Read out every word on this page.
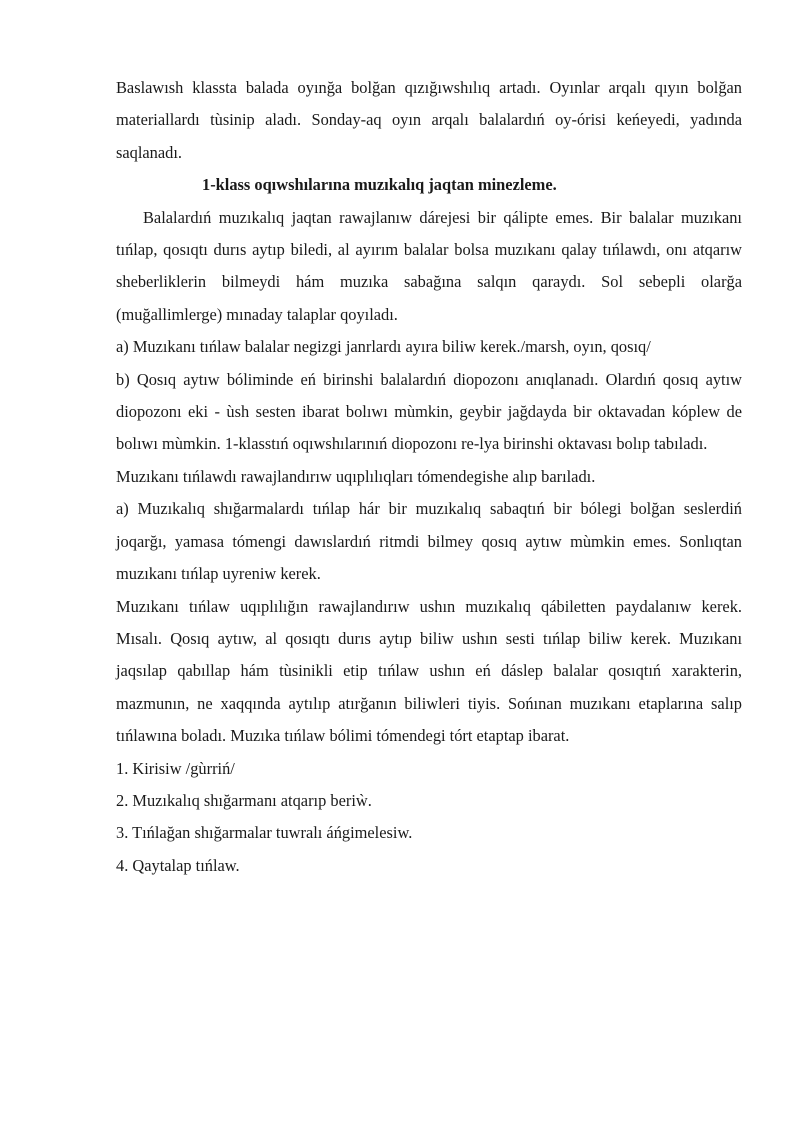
Baslawısh klassta balada oyınğa bolğan qızığıwshılıq artadı. Oyınlar arqalı qıyın bolğan materiallardı tùsinip aladı. Sonday-aq oyın arqalı balalardıń oy-órisi keńeyedi, yadında saqlanadı.

1-klass oqıwshılarına muzıkalıq jaqtan minezleme.

Balalardıń muzıkalıq jaqtan rawajlanıw dárejesi bir qálipte emes. Bir balalar muzıkanı tıńlap, qosıqtı durıs aytıp biledi, al ayırım balalar bolsa muzıkanı qalay tıńlawdı, onı atqarıw sheberliklerin bilmeydi hám muzıka sabağına salqın qaraydı. Sol sebepli olarğa (muğallimlerge) mınaday talaplar qoyıladı.

a) Muzıkanı tıńlaw balalar negizgi janrlardı ayıra biliw kerek./marsh, oyın, qosıq/

b) Qosıq aytıw bóliminde eń birinshi balalardıń diopozonı anıqlanadı. Olardıń qosıq aytıw diopozonı eki - ùsh sesten ibarat bolıwı mùmkin, geybir jağdayda bir oktavadan kóplew de bolıwı mùmkin. 1-klasstıń oqıwshılarınıń diopozonı re-lya birinshi oktavası bolıp tabıladı.

Muzıkanı tıńlawdı rawajlandırıw uqıplılıqları tómendegishe alıp barıladı.

a) Muzıkalıq shığarmalardı tıńlap hár bir muzıkalıq sabaqtıń bir bólegi bolğan seslerdiń joqarğı, yamasa tómengi dawıslardıń ritmdi bilmey qosıq aytıw mùmkin emes. Sonlıqtan muzıkanı tıńlap uyreniw kerek.

Muzıkanı tıńlaw uqıplılığın rawajlandırıw ushın muzıkalıq qábiletten paydalanıw kerek. Mısalı. Qosıq aytıw, al qosıqtı durıs aytıp biliw ushın sesti tıńlap biliw kerek. Muzıkanı jaqsılap qabıllap hám tùsinikli etip tıńlaw ushın eń dáslep balalar qosıqtıń xarakterin, mazmunın, ne xaqqında aytılıp atırğanın biliwleri tiyis. Sońınan muzıkanı etaplarına salıp tıńlawına boladı. Muzıka tıńlaw bólimi tómendegi tórt etaptap ibarat.

1. Kirisiw /gùrriń/

2. Muzıkalıq shığarmanı atqarıp beriẁ.

3. Tıńlağan shığarmalar tuwralı áńgimelesiw.

4. Qaytalap tıńlaw.
